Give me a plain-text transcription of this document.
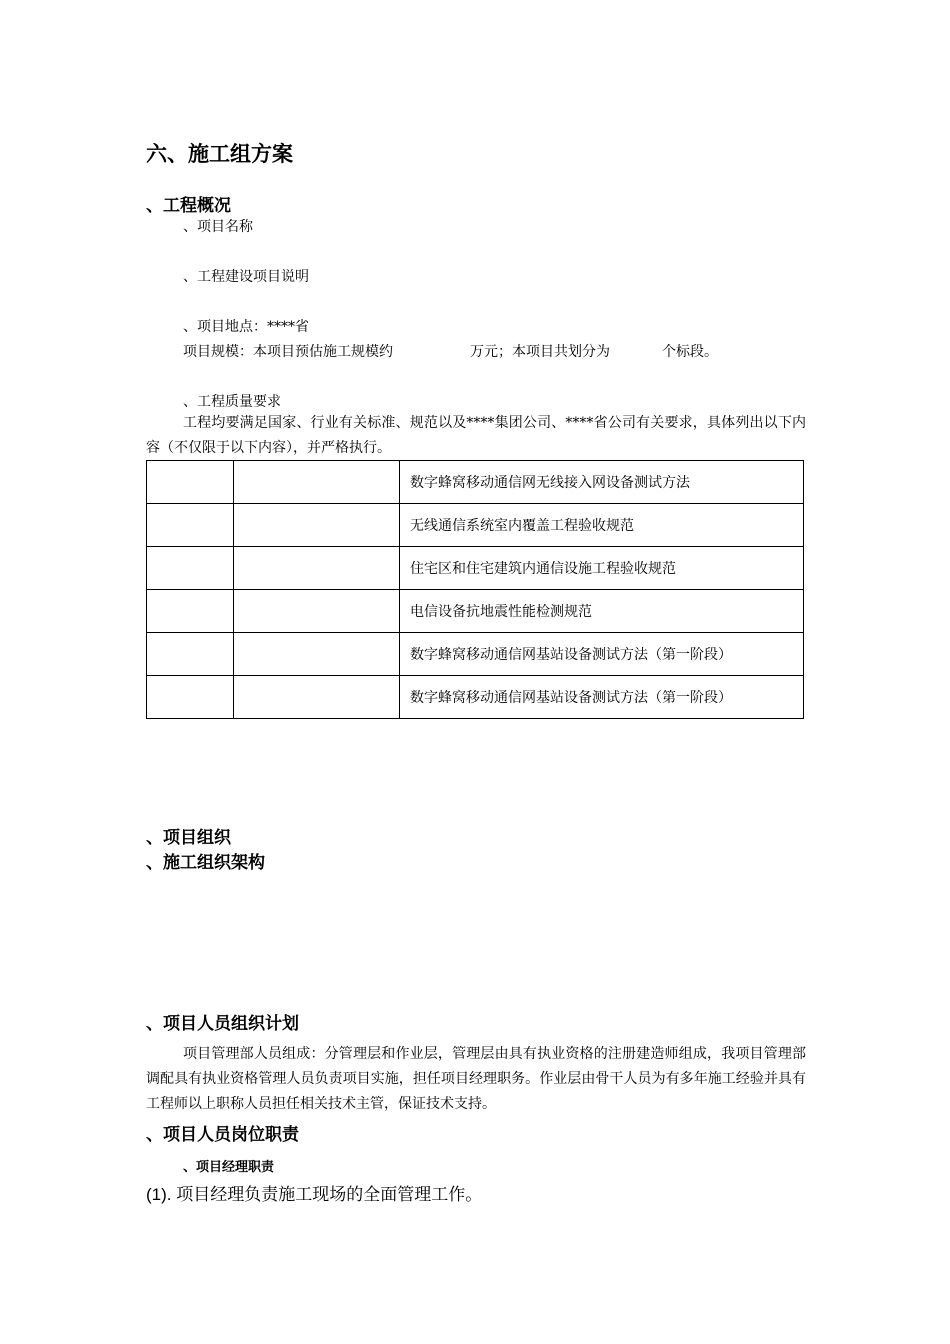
六、施工组方案
、工程概况
、项目名称
、工程建设项目说明
、项目地点：****省
项目规模：本项目预估施工规模约	万元；本项目共划分为	个标段。
、工程质量要求
工程均要满足国家、行业有关标准、规范以及****集团公司、****省公司有关要求，具体列出以下内容（不仅限于以下内容），并严格执行。
		数字蜂窝移动通信网无线接入网设备测试方法
		无线通信系统室内覆盖工程验收规范
		住宅区和住宅建筑内通信设施工程验收规范
		电信设备抗地震性能检测规范
		数字蜂窝移动通信网基站设备测试方法（第一阶段）
		数字蜂窝移动通信网基站设备测试方法（第一阶段）
、项目组织
、施工组织架构
、项目人员组织计划
项目管理部人员组成：分管理层和作业层，管理层由具有执业资格的注册建造师组成，我项目管理部调配具有执业资格管理人员负责项目实施，担任项目经理职务。作业层由骨干人员为有多年施工经验并具有工程师以上职称人员担任相关技术主管，保证技术支持。
、项目人员岗位职责
、项目经理职责
(1). 项目经理负责施工现场的全面管理工作。
